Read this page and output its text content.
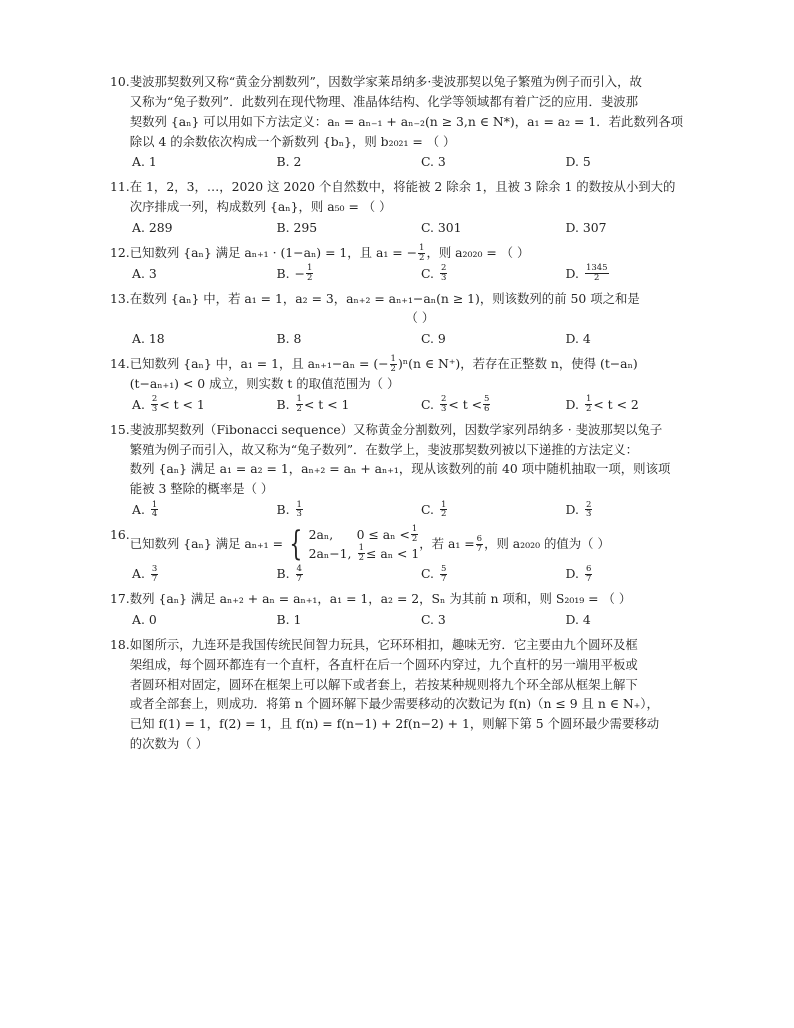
10. 斐波那契数列又称“黄金分割数列”，因数学家莱昂纳多·斐波那契以兔子繁殖为例子而引入，故
又称为“兔子数列”．此数列在现代物理、准晶体结构、化学等领域都有着广泛的应用．斐波那
契数列 {aₙ} 可以用如下方法定义：aₙ = aₙ₋₁ + aₙ₋₂(n ≥ 3,n ∈ N*)，a₁ = a₂ = 1．若此数列各项
除以 4 的余数依次构成一个新数列 {bₙ}，则 b₂₀₂₁ = （ ）
A. 1	B. 2	C. 3	D. 5
11. 在 1，2，3，…，2020 这 2020 个自然数中，将能被 2 除余 1，且被 3 除余 1 的数按从小到大的
次序排成一列，构成数列 {aₙ}，则 a₅₀ = （ ）
A. 289	B. 295	C. 301	D. 307
12. 已知数列 {aₙ} 满足 aₙ₊₁ · (1−aₙ) = 1，且 a₁ = − $\frac{1}{2}$ ，则 a₂₀₂₀ = （ ）
A. 3	B. − $\frac{1}{2}$	C. $\frac{2}{3}$	D. $\frac{1345}{2}$
13. 在数列 {aₙ} 中，若 a₁ = 1，a₂ = 3，aₙ₊₂ = aₙ₊₁−aₙ(n ≥ 1)，则该数列的前 50 项之和是
（ ）
A. 18	B. 8	C. 9	D. 4
14. 已知数列 {aₙ} 中，a₁ = 1，且 aₙ₊₁−aₙ = (− $\frac{1}{2} )^n(n$ ∈ N⁺)，若存在正整数 n，使得 (t−aₙ)
(t−aₙ₊₁) < 0 成立，则实数 t 的取值范围为（ ）
A. $\frac{2}{3} < t < 1$	B. $\frac{1}{2} < t < 1$	C. $\frac{2}{3} < t < \frac{5}{6}$	D. $\frac{1}{2} < t < 2$
15. 斐波那契数列（Fibonacci sequence）又称黄金分割数列，因数学家列昂纳多 · 斐波那契以兔子
繁殖为例子而引入，故又称为“兔子数列”．在数学上，斐波那契数列被以下递推的方法定义：
数列 {aₙ} 满足 a₁ = a₂ = 1，aₙ₊₂ = aₙ + aₙ₊₁，现从该数列的前 40 项中随机抽取一项，则该项
能被 3 整除的概率是（ ）
A. $\frac{1}{4}$	B. $\frac{1}{3}$	C. $\frac{1}{2}$	D. $\frac{2}{3}$
16.
已知数列 {aₙ} 满足 aₙ₊₁ = { 2aₙ,	$0 \le a_n < \frac{1}{2}$
2aₙ−1, $\frac{1}{2} \le a_n < 1$
，若 $a_1 = \frac{6}{7}$ ，则 a₂₀₂₀ 的值为（ ）
A. $\frac{3}{7}$	B. $\frac{4}{7}$	C. $\frac{5}{7}$	D. $\frac{6}{7}$
17. 数列 {aₙ} 满足 aₙ₊₂ + aₙ = aₙ₊₁，a₁ = 1，a₂ = 2，Sₙ 为其前 n 项和，则 S₂₀₁₉ = （ ）
A. 0	B. 1	C. 3	D. 4
18. 如图所示，九连环是我国传统民间智力玩具，它环环相扣，趣味无穷．它主要由九个圆环及框
架组成，每个圆环都连有一个直杆，各直杆在后一个圆环内穿过，九个直杆的另一端用平板或
者圆环相对固定，圆环在框架上可以解下或者套上，若按某种规则将九个环全部从框架上解下
或者全部套上，则成功．将第 n 个圆环解下最少需要移动的次数记为 f(n)（n ≤ 9 且 n ∈ N₊），
已知 f(1) = 1，f(2) = 1，且 f(n) = f(n−1) + 2f(n−2) + 1，则解下第 5 个圆环最少需要移动
的次数为（ ）
